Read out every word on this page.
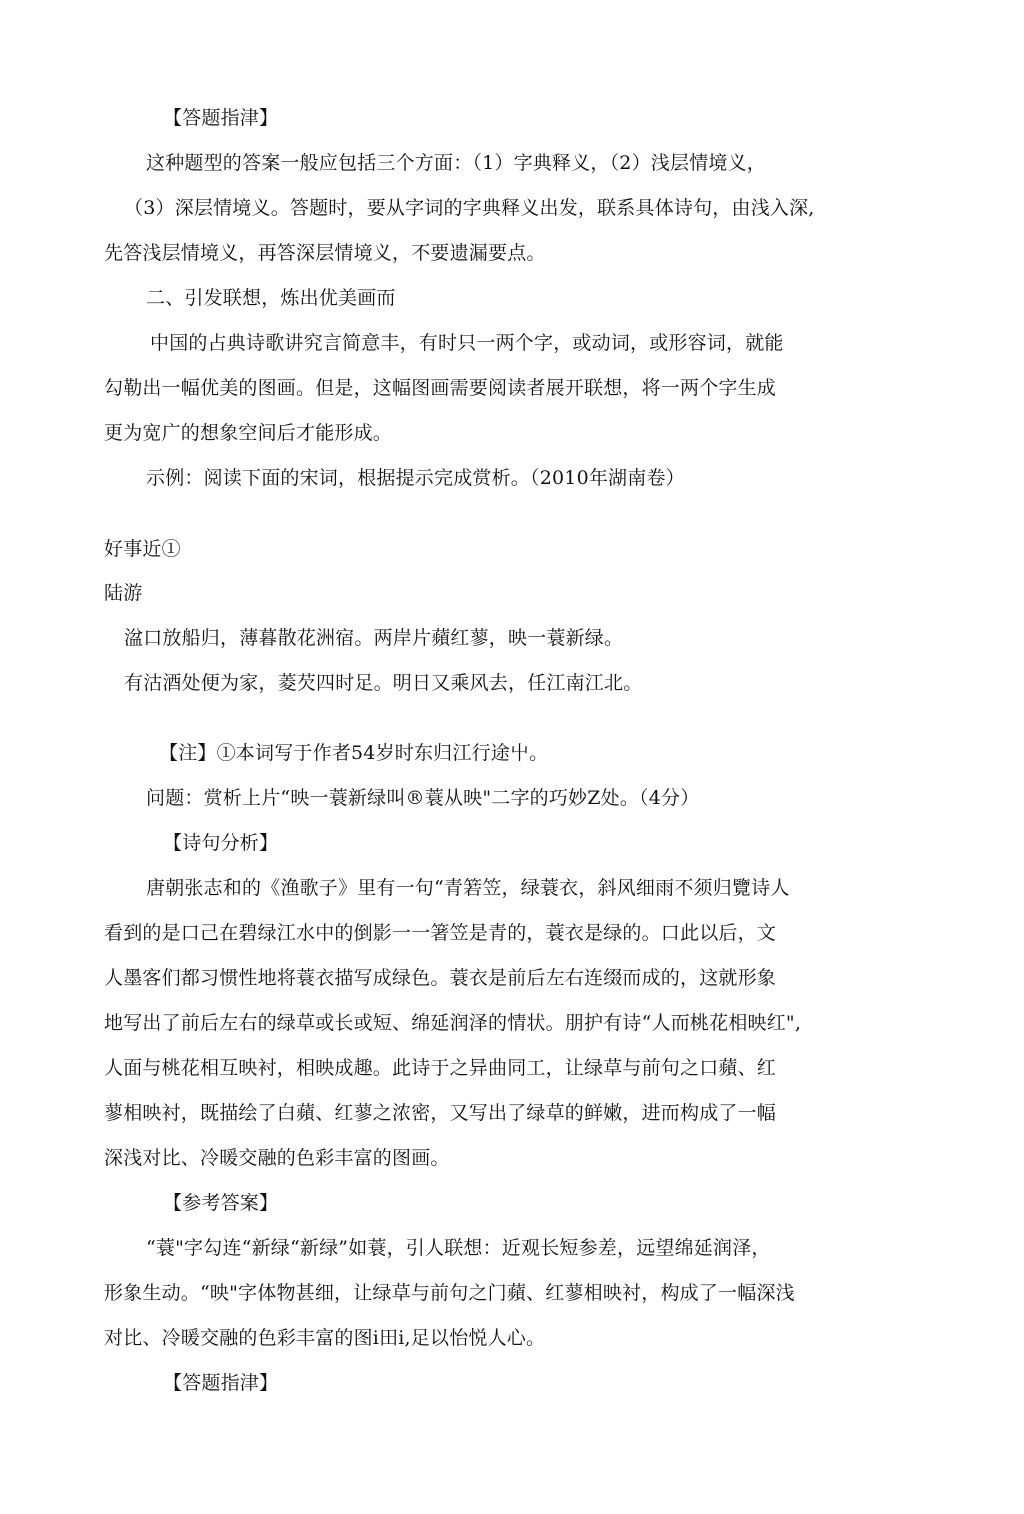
【答题指津】
这种题型的答案一般应包括三个方面：（1）字典释义，（2）浅层情境义，
（3）深层情境义。答题时，要从字词的字典释义出发，联系具体诗句，由浅入深,
先答浅层情境义，再答深层情境义，不要遗漏要点。
二、引发联想，炼出优美画而
中国的占典诗歌讲究言简意丰，有时只一两个字，或动词，或形容词，就能
勾勒出一幅优美的图画。但是，这幅图画需要阅读者展开联想，将一两个字生成
更为宽广的想象空间后才能形成。
示例：阅读下面的宋词，根据提示完成赏析。（2010年湖南卷）
好事近①
陆游
湓口放船归，薄暮散花洲宿。两岸片蘋红蓼，映一蓑新绿。
有沽酒处便为家，菱芡四时足。明日又乘风去，任江南江北。
【注】①本词写于作者54岁时东归江行途屮。
问题：赏析上片“映一蓑新绿叫®蓑从映"二字的巧妙Z处。（4分）
【诗句分析】
唐朝张志和的《渔歌子》里有一句“青箬笠，绿蓑衣，斜风细雨不须归覽诗人
看到的是口己在碧绿江水中的倒影一一箸笠是青的，蓑衣是绿的。口此以后，文
人墨客们都习惯性地将蓑衣描写成绿色。蓑衣是前后左右连缀而成的，这就形象
地写出了前后左右的绿草或长或短、绵延润泽的情状。朋护有诗“人而桃花相映红",
人面与桃花相互映衬，相映成趣。此诗于之异曲同工，让绿草与前句之口蘋、红
蓼相映衬，既描绘了白蘋、红蓼之浓密，又写出了绿草的鲜嫩，进而构成了一幅
深浅对比、冷暖交融的色彩丰富的图画。
【参考答案】
“蓑"字勾连“新绿“新绿”如蓑，引人联想：近观长短参差，远望绵延润泽，
形象生动。“映"字体物甚细，让绿草与前句之门蘋、红蓼相映衬，构成了一幅深浅
对比、冷暖交融的色彩丰富的图i田i,足以怡悦人心。
【答题指津】
